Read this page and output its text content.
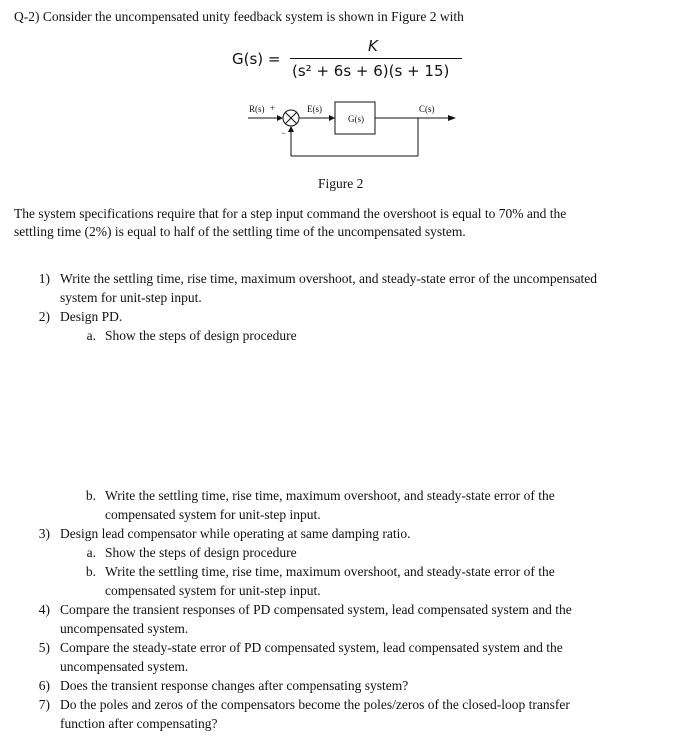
Q-2) Consider the uncompensated unity feedback system is shown in Figure 2 with
G(s) =
K
(s² + 6s + 6)(s + 15)
R(s) +
−
E(s)
G(s)
C(s)
Figure 2
The system specifications require that for a step input command the overshoot is equal to 70% and the
settling time (2%) is equal to half of the settling time of the uncompensated system.
1) Write the settling time, rise time, maximum overshoot, and steady-state error of the uncompensated
system for unit-step input.
2) Design PD.
a. Show the steps of design procedure
b. Write the settling time, rise time, maximum overshoot, and steady-state error of the
compensated system for unit-step input.
3) Design lead compensator while operating at same damping ratio.
a. Show the steps of design procedure
b. Write the settling time, rise time, maximum overshoot, and steady-state error of the
compensated system for unit-step input.
4) Compare the transient responses of PD compensated system, lead compensated system and the
uncompensated system.
5) Compare the steady-state error of PD compensated system, lead compensated system and the
uncompensated system.
6) Does the transient response changes after compensating system?
7) Do the poles and zeros of the compensators become the poles/zeros of the closed-loop transfer
function after compensating?
